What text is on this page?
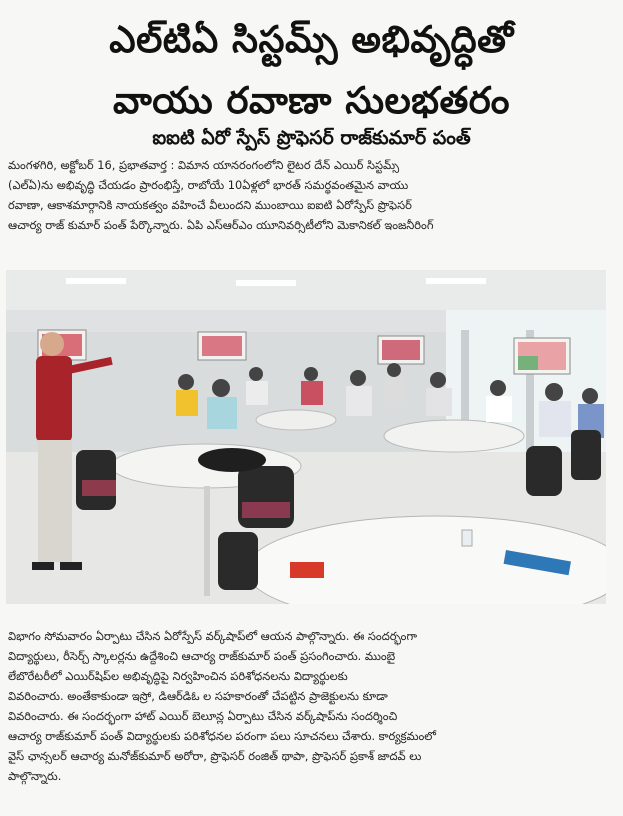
ఎల్‌టిఏ సిస్టమ్స్ అభివృద్ధితో
వాయు రవాణా సులభతరం
ఐఐటి ఏరో స్పేస్ ప్రొఫెసర్ రాజ్‌కుమార్ పంత్
మంగళగిరి, అక్టోబర్ 16, ప్రభాతవార్త : విమాన యానరంగంలోని లైటర దేన్ ఎయిర్ సిస్టమ్స్
(ఎల్ఏ)ను అభివృద్ధి చేయడం ప్రారంభిస్తే, రాబోయే 10ఏళ్లలో భారత్ సమర్థవంతమైన వాయు
రవాణా, ఆకాశమార్గానికి నాయకత్వం వహించే వీలుందని ముంబాయి ఐఐటి ఏరోస్పేస్ ప్రొఫెసర్
ఆచార్య రాజ్ కుమార్ పంత్ పేర్కొన్నారు. ఏపి ఎస్ఆర్ఎం యూనివర్సిటీలోని మెకానికల్ ఇంజనీరింగ్
విభాగం సోమవారం ఏర్పాటు చేసిన ఏరోస్పేస్ వర్క్‌షాప్‌లో ఆయన పాల్గొన్నారు. ఈ సందర్భంగా
విద్యార్థులు, రీసెర్చ్ స్కాలర్లను ఉద్దేశించి ఆచార్య రాజ్‌కుమార్ పంత్ ప్రసంగించారు. ముంబై
లేబొరేటరీలో ఎయిర్‌షిప్‌ల అభివృద్ధిపై నిర్వహించిన పరిశోధనలను విద్యార్థులకు
వివరించారు. అంతేకాకుండా ఇస్రో, డిఆర్‌డిఓ ల సహకారంతో చేపట్టిన ప్రాజెక్టులను కూడా
వివరించారు. ఈ సందర్భంగా హాట్ ఎయిర్ బెలూన్ల ఏర్పాటు చేసిన వర్క్‌షాప్‌ను సందర్శించి
ఆచార్య రాజ్‌కుమార్ పంత్ విద్యార్థులకు పరిశోధనల పరంగా పలు సూచనలు చేశారు. కార్యక్రమంలో
వైస్ ఛాన్సలర్ ఆచార్య మనోజ్‌కుమార్ అరోరా, ప్రొఫెసర్ రంజిత్ థాపా, ప్రొఫెసర్ ప్రకాశ్ జాదవ్ లు
పాల్గొన్నారు.
